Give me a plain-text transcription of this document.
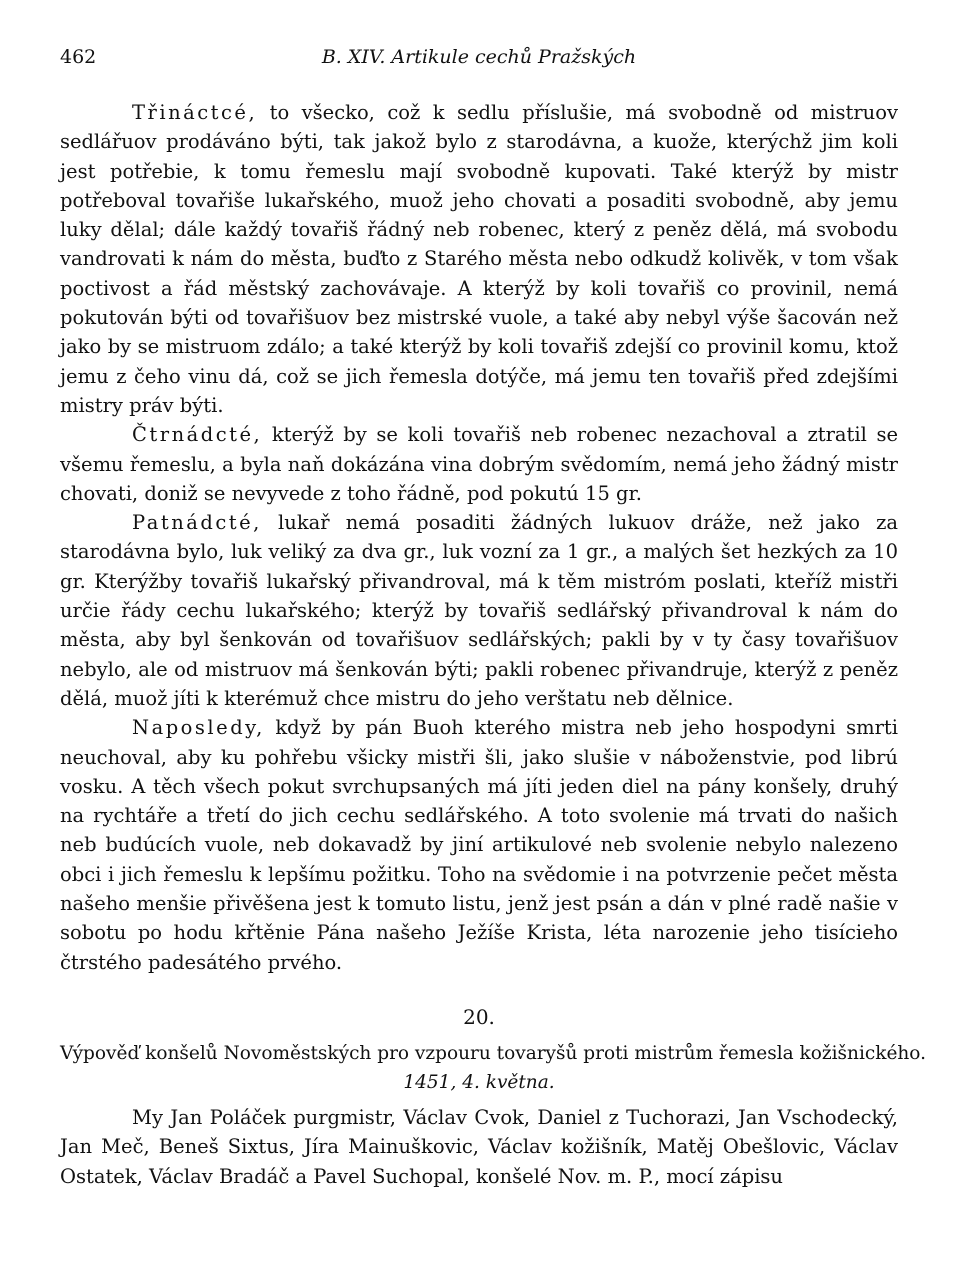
462	B. XIV. Artikule cechů Pražských

Třináctcé, to všecko, což k sedlu příslušie, má svobodně od mistruov sedlářuov prodáváno býti, tak jakož bylo z starodávna, a kuože, kterýchž jim koli jest potřebie, k tomu řemeslu mají svobodně kupovati. Také kterýž by mistr potřeboval tovařiše lukařského, muož jeho chovati a posaditi svobodně, aby jemu luky dělal; dále každý tovařiš řádný neb robenec, který z peněz dělá, má svobodu vandrovati k nám do města, buďto z Starého města nebo odkudž kolivěk, v tom však poctivost a řád městský zachovávaje. A kterýž by koli tovařiš co provinil, nemá pokutován býti od tovařišuov bez mistrské vuole, a také aby nebyl výše šacován než jako by se mistruom zdálo; a také kterýž by koli tovařiš zdejší co provinil komu, ktož jemu z čeho vinu dá, což se jich řemesla dotýče, má jemu ten tovařiš před zdejšími mistry práv býti.

Čtrnádcté, kterýž by se koli tovařiš neb robenec nezachoval a ztratil se všemu řemeslu, a byla naň dokázána vina dobrým svědomím, nemá jeho žádný mistr chovati, doniž se nevyvede z toho řádně, pod pokutú 15 gr.

Patnádcté, lukař nemá posaditi žádných lukuov dráže, než jako za starodávna bylo, luk veliký za dva gr., luk vozní za 1 gr., a malých šet hezkých za 10 gr. Kterýžby tovařiš lukařský přivandroval, má k těm mistróm poslati, kteříž mistři určie řády cechu lukařského; kterýž by tovařiš sedlářský přivandroval k nám do města, aby byl šenkován od tovařišuov sedlářských; pakli by v ty časy tovařišuov nebylo, ale od mistruov má šenkován býti; pakli robenec přivandruje, kterýž z peněz dělá, muož jíti k kterémuž chce mistru do jeho verštatu neb dělnice.

Naposledy, když by pán Buoh kterého mistra neb jeho hospodyni smrti neuchoval, aby ku pohřebu všicky mistři šli, jako slušie v náboženstvie, pod librú vosku. A těch všech pokut svrchupsaných má jíti jeden diel na pány konšely, druhý na rychtáře a třetí do jich cechu sedlářského. A toto svolenie má trvati do našich neb budúcích vuole, neb dokavadž by jiní artikulové neb svolenie nebylo nalezeno obci i jich řemeslu k lepšímu požitku. Toho na svědomie i na potvrzenie pečet města našeho menšie přivěšena jest k tomuto listu, jenž jest psán a dán v plné radě našie v sobotu po hodu křtěnie Pána našeho Ježíše Krista, léta narozenie jeho tisícieho čtrstého padesátého prvého.

20.
Výpověď konšelů Novoměstských pro vzpouru tovaryšů proti mistrům řemesla kožišnického.
1451, 4. května.

My Jan Poláček purgmistr, Václav Cvok, Daniel z Tuchorazi, Jan Vschodecký, Jan Meč, Beneš Sixtus, Jíra Mainuškovic, Václav kožišník, Matěj Obešlovic, Václav Ostatek, Václav Bradáč a Pavel Suchopal, konšelé Nov. m. P., mocí zápisu
